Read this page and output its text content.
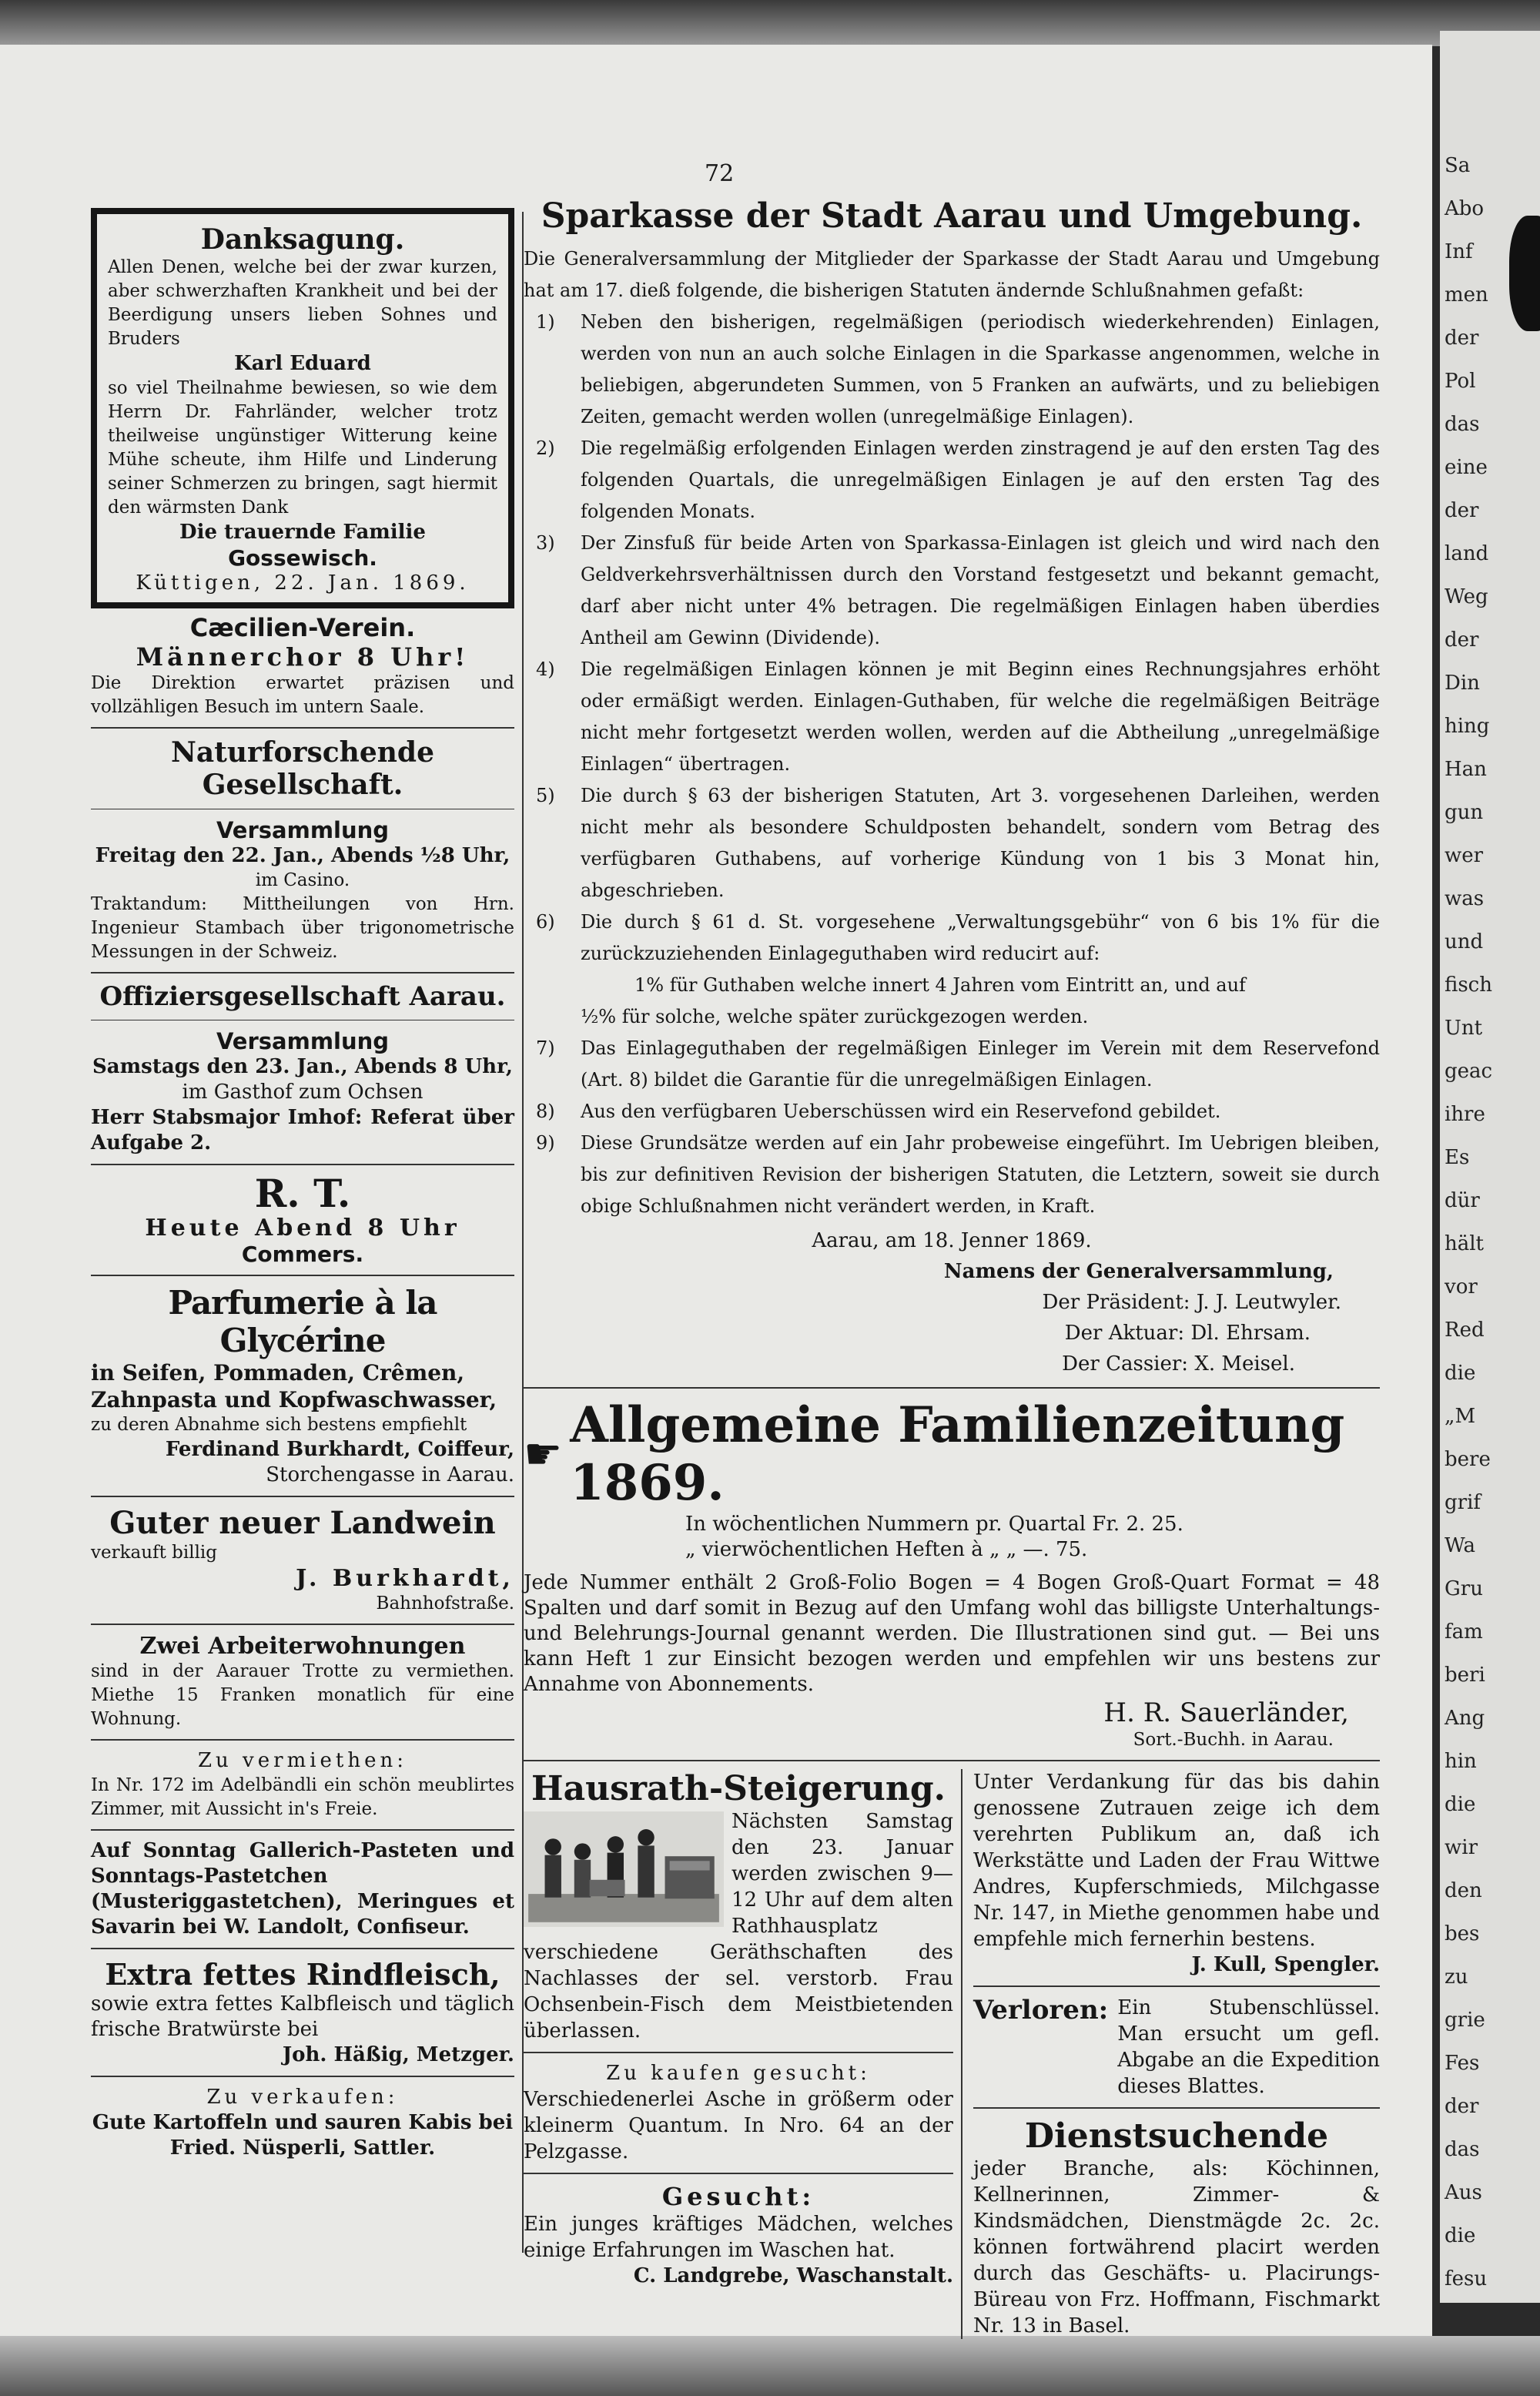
Sa
Abo
Inf
men
der
Pol
das
eine
der
land
Weg
der
Din
hing
Han
gun
wer
was
und
fisch
Unt
geac
ihre
Es
dür
hält
vor
Red
die
„M
bere
grif
Wa
Gru
fam
beri
Ang
hin
die
wir
den
bes
zu
grie
Fes
der
das
Aus
die
fesu
72
Danksagung.

Allen Denen, welche bei der zwar kurzen, aber schwerzhaften Krankheit und bei der Beerdigung unsers lieben Sohnes und Bruders

Karl Eduard

so viel Theilnahme bewiesen, so wie dem Herrn Dr. Fahrländer, welcher trotz theilweise ungünstiger Witterung keine Mühe scheute, ihm Hilfe und Linderung seiner Schmerzen zu bringen, sagt hiermit den wärmsten Dank

Die trauernde Familie
Gossewisch.
Küttigen, 22. Jan. 1869.
Cæcilien-Verein.
Männerchor 8 Uhr!
Die Direktion erwartet präzisen und vollzähligen Besuch im untern Saale.
Naturforschende Gesellschaft.
Versammlung
Freitag den 22. Jan., Abends ½8 Uhr,
im Casino.
Traktandum: Mittheilungen von Hrn. Ingenieur Stambach über trigonometrische Messungen in der Schweiz.
Offiziersgesellschaft Aarau.
Versammlung
Samstags den 23. Jan., Abends 8 Uhr,
im Gasthof zum Ochsen
Herr Stabsmajor Imhof: Referat über Aufgabe 2.
R. T.
Heute Abend 8 Uhr
Commers.
Parfumerie à la Glycérine
in Seifen, Pommaden, Crêmen, Zahnpasta und Kopfwaschwasser,
zu deren Abnahme sich bestens empfiehlt
Ferdinand Burkhardt, Coiffeur,
Storchengasse in Aarau.
Guter neuer Landwein
verkauft billig
J. Burkhardt,
Bahnhofstraße.
Zwei Arbeiterwohnungen
sind in der Aarauer Trotte zu vermiethen. Miethe 15 Franken monatlich für eine Wohnung.
Zu vermiethen:
In Nr. 172 im Adelbändli ein schön meublirtes Zimmer, mit Aussicht in's Freie.
Auf Sonntag Gallerich-Pasteten und Sonntags-Pastetchen (Musteriggastetchen), Meringues et Savarin bei W. Landolt, Confiseur.
Extra fettes Rindfleisch,
sowie extra fettes Kalbfleisch und täglich frische Bratwürste bei
Joh. Häßig, Metzger.
Zu verkaufen:
Gute Kartoffeln und sauren Kabis bei Fried. Nüsperli, Sattler.
Sparkasse der Stadt Aarau und Umgebung.

Die Generalversammlung der Mitglieder der Sparkasse der Stadt Aarau und Umgebung hat am 17. dieß folgende, die bisherigen Statuten ändernde Schlußnahmen gefaßt:

1) Neben den bisherigen, regelmäßigen (periodisch wiederkehrenden) Einlagen, werden von nun an auch solche Einlagen in die Sparkasse angenommen, welche in beliebigen, abgerundeten Summen, von 5 Franken an aufwärts, und zu beliebigen Zeiten, gemacht werden wollen (unregelmäßige Einlagen).
2) Die regelmäßig erfolgenden Einlagen werden zinstragend je auf den ersten Tag des folgenden Quartals, die unregelmäßigen Einlagen je auf den ersten Tag des folgenden Monats.
3) Der Zinsfuß für beide Arten von Sparkassa-Einlagen ist gleich und wird nach den Geldverkehrsverhältnissen durch den Vorstand festgesetzt und bekannt gemacht, darf aber nicht unter 4% betragen. Die regelmäßigen Einlagen haben überdies Antheil am Gewinn (Dividende).
4) Die regelmäßigen Einlagen können je mit Beginn eines Rechnungsjahres erhöht oder ermäßigt werden. Einlagen-Guthaben, für welche die regelmäßigen Beiträge nicht mehr fortgesetzt werden wollen, werden auf die Abtheilung „unregelmäßige Einlagen“ übertragen.
5) Die durch § 63 der bisherigen Statuten, Art 3. vorgesehenen Darleihen, werden nicht mehr als besondere Schuldposten behandelt, sondern vom Betrag des verfügbaren Guthabens, auf vorherige Kündung von 1 bis 3 Monat hin, abgeschrieben.
6) Die durch § 61 d. St. vorgesehene „Verwaltungsgebühr“ von 6 bis 1% für die zurückzuziehenden Einlageguthaben wird reducirt auf:
1% für Guthaben welche innert 4 Jahren vom Eintritt an, und auf
½% für solche, welche später zurückgezogen werden.
7) Das Einlageguthaben der regelmäßigen Einleger im Verein mit dem Reservefond (Art. 8) bildet die Garantie für die unregelmäßigen Einlagen.
8) Aus den verfügbaren Ueberschüssen wird ein Reservefond gebildet.
9) Diese Grundsätze werden auf ein Jahr probeweise eingeführt. Im Uebrigen bleiben, bis zur definitiven Revision der bisherigen Statuten, die Letztern, soweit sie durch obige Schlußnahmen nicht verändert werden, in Kraft.
Aarau, am 18. Jenner 1869.
Namens der Generalversammlung,
Der Präsident: J. J. Leutwyler.
Der Aktuar: Dl. Ehrsam.
Der Cassier: X. Meisel.
☛ Allgemeine Familienzeitung 1869.
In wöchentlichen Nummern pr. Quartal Fr. 2. 25.
„ vierwöchentlichen Heften à „ „ —. 75.
Jede Nummer enthält 2 Groß-Folio Bogen = 4 Bogen Groß-Quart Format = 48 Spalten und darf somit in Bezug auf den Umfang wohl das billigste Unterhaltungs- und Belehrungs-Journal genannt werden. Die Illustrationen sind gut. — Bei uns kann Heft 1 zur Einsicht bezogen werden und empfehlen wir uns bestens zur Annahme von Abonnements.
H. R. Sauerländer,
Sort.-Buchh. in Aarau.
Hausrath-Steigerung.
Nächsten Samstag den 23. Januar werden zwischen 9—12 Uhr auf dem alten Rathhausplatz verschiedene Geräthschaften des Nachlasses der sel. verstorb. Frau Ochsenbein-Fisch dem Meistbietenden überlassen.
Zu kaufen gesucht:
Verschiedenerlei Asche in größerm oder kleinerm Quantum. In Nro. 64 an der Pelzgasse.
Gesucht:
Ein junges kräftiges Mädchen, welches einige Erfahrungen im Waschen hat.
C. Landgrebe, Waschanstalt.
Unter Verdankung für das bis dahin genossene Zutrauen zeige ich dem verehrten Publikum an, daß ich Werkstätte und Laden der Frau Wittwe Andres, Kupferschmieds, Milchgasse Nr. 147, in Miethe genommen habe und empfehle mich fernerhin bestens.
J. Kull, Spengler.
Verloren: Ein Stubenschlüssel. Man ersucht um gefl. Abgabe an die Expedition dieses Blattes.
Dienstsuchende
jeder Branche, als: Köchinnen, Kellnerinnen, Zimmer- & Kindsmädchen, Dienstmägde 2c. 2c. können fortwährend placirt werden durch das Geschäfts- u. Placirungs-Büreau von Frz. Hoffmann, Fischmarkt Nr. 13 in Basel.
